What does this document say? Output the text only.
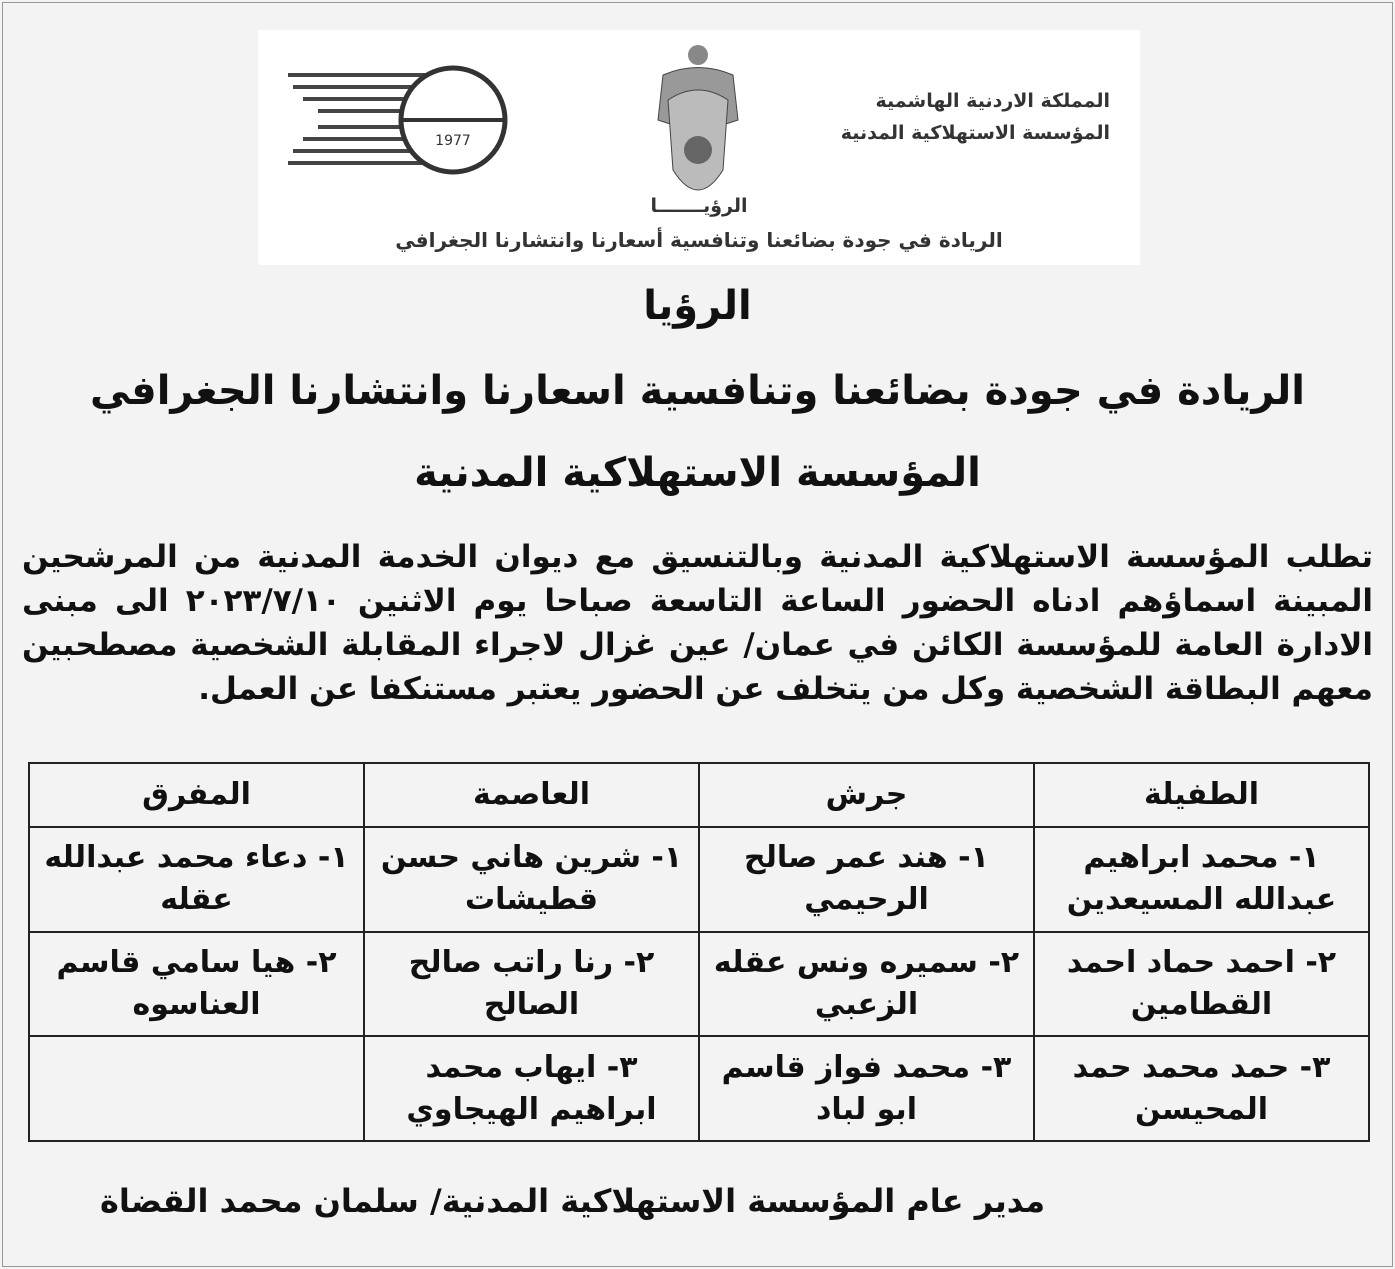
المملكة الاردنية الهاشمية
المؤسسة الاستهلاكية المدنية
1977
الرؤيـــــــا
الريادة في جودة بضائعنا وتنافسية أسعارنا وانتشارنا الجغرافي
الرؤيا
الريادة في جودة بضائعنا وتنافسية اسعارنا وانتشارنا الجغرافي
المؤسسة الاستهلاكية المدنية
تطلب المؤسسة الاستهلاكية المدنية وبالتنسيق مع ديوان الخدمة المدنية من المرشحين المبينة اسماؤهم ادناه الحضور الساعة التاسعة صباحا يوم الاثنين ٢٠٢٣/٧/١٠ الى مبنى الادارة العامة للمؤسسة الكائن في عمان/ عين غزال لاجراء المقابلة الشخصية مصطحبين معهم البطاقة الشخصية وكل من يتخلف عن الحضور يعتبر مستنكفا عن العمل.
الطفيلة	جرش	العاصمة	المفرق
١- محمد ابراهيم عبدالله المسيعدين	١- هند عمر صالح الرحيمي	١- شرين هاني حسن قطيشات	١- دعاء محمد عبدالله عقله
٢- احمد حماد احمد القطامين	٢- سميره ونس عقله الزعبي	٢- رنا راتب صالح الصالح	٢- هيا سامي قاسم العناسوه
٣- حمد محمد حمد المحيسن	٣- محمد فواز قاسم ابو لباد	٣- ايهاب محمد ابراهيم الهيجاوي	
مدير عام المؤسسة الاستهلاكية المدنية/ سلمان محمد القضاة
